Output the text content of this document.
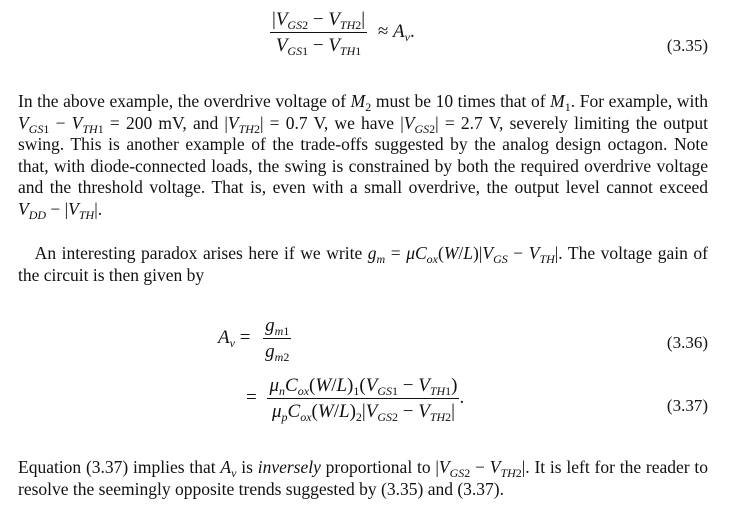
$\frac{|V_{GS2} - V_{TH2}|}{V_{GS1} - V_{TH1}} \approx A_v$.
(3.35)

In the above example, the overdrive voltage of $M_2$ must be 10 times that of $M_1$. For example, with $V_{GS1} - V_{TH1} = 200$ mV, and $|V_{TH2}| = 0.7$ V, we have $|V_{GS2}| = 2.7$ V, severely limiting the output swing. This is another example of the trade-offs suggested by the analog design octagon. Note that, with diode-connected loads, the swing is constrained by both the required overdrive voltage and the threshold voltage. That is, even with a small overdrive, the output level cannot exceed $V_{DD} - |V_{TH}|$.

An interesting paradox arises here if we write $g_m = \mu C_{ox}(W/L)|V_{GS} - V_{TH}|$. The voltage gain of the circuit is then given by

$A_v = \frac{g_{m1}}{g_{m2}}$	(3.36)
= $\frac{\mu_nC_{ox}(W/L)_1(V_{GS1} - V_{TH1})}{\mu_pC_{ox}(W/L)_2|V_{GS2} - V_{TH2}|}$ .	(3.37)

Equation (3.37) implies that $A_v$ is inversely proportional to $|V_{GS2} - V_{TH2}|$. It is left for the reader to resolve the seemingly opposite trends suggested by (3.35) and (3.37).
